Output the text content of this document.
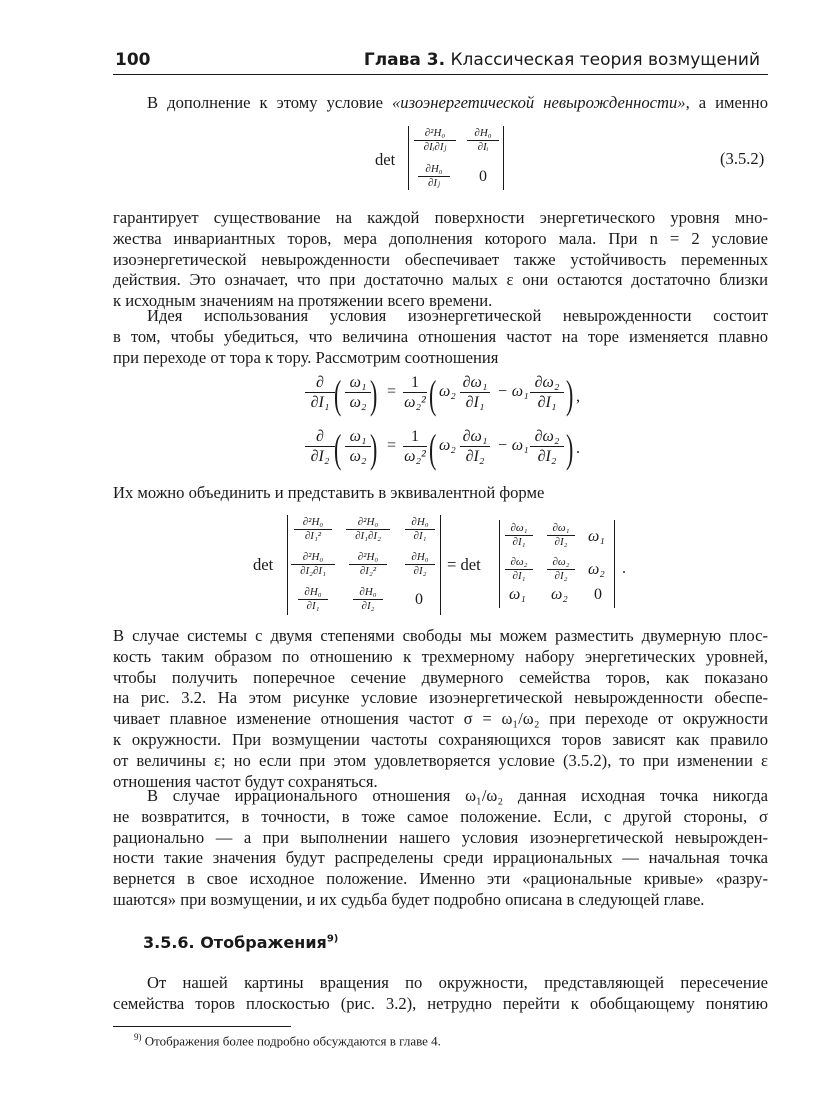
100	Глава 3. Классическая теория возмущений

В дополнение к этому условие «изоэнергетической невырожденности», а именно

det
$\frac{\text{∂²H₀}}{\text{∂Iᵢ∂Iⱼ}} \frac{\text{∂H₀}}{\text{∂Iᵢ}}$
$\frac{\text{∂H₀}}{\text{∂Iⱼ}} 0$
(3.5.2)

гарантирует существование на каждой поверхности энергетического уровня мно-
жества инвариантных торов, мера дополнения которого мала. При n = 2 условие
изоэнергетической невырожденности обеспечивает также устойчивость переменных
действия. Это означает, что при достаточно малых ε они остаются достаточно близки
к исходным значениям на протяжении всего времени.

Идея использования условия изоэнергетической невырожденности состоит
в том, чтобы убедиться, что величина отношения частот на торе изменяется плавно
при переходе от тора к тору. Рассмотрим соотношения

∂
∂I₁ ( $\frac{\text{ω₁}}{\text{ω₂}}$
) = $\frac{1}{\text{ω₂²}}$ ( $\omega_2 \frac{\text{∂ω₁}}{\text{∂I₁}} - \omega_1 \frac{\text{∂ω₂}}{\text{∂I₁}}$ ) ,
∂
∂I₂ ( $\frac{\text{ω₁}}{\text{ω₂}}$
) = $\frac{1}{\text{ω₂²}}$ ( $\omega_2 \frac{\text{∂ω₁}}{\text{∂I₂}} - \omega_1 \frac{\text{∂ω₂}}{\text{∂I₂}}$ ) .

Их можно объединить и представить в эквивалентной форме

det
$\frac{\text{∂²H₀}}{\text{∂I₁²}} \frac{\text{∂²H₀}}{\text{∂I₁∂I₂}} \frac{\text{∂H₀}}{\text{∂I₁}}$
$\frac{\text{∂²H₀}}{\text{∂I₂∂I₁}} \frac{\text{∂²H₀}}{\text{∂I₂²}} \frac{\text{∂H₀}}{\text{∂I₂}}$
$\frac{\text{∂H₀}}{\text{∂I₁}} \frac{\text{∂H₀}}{\text{∂I₂}} 0$
= det
$\frac{\text{∂ω₁}}{\text{∂I₁}} \frac{\text{∂ω₁}}{\text{∂I₂}} \omega_1$
$\frac{\text{∂ω₂}}{\text{∂I₁}} \frac{\text{∂ω₂}}{\text{∂I₂}} \omega_2$
ω₁ ω₂ 0
.

В случае системы с двумя степенями свободы мы можем разместить двумерную плос-
кость таким образом по отношению к трехмерному набору энергетических уровней,
чтобы получить поперечное сечение двумерного семейства торов, как показано
на рис. 3.2. На этом рисунке условие изоэнергетической невырожденности обеспе-
чивает плавное изменение отношения частот σ = ω₁/ω₂ при переходе от окружности
к окружности. При возмущении частоты сохраняющихся торов зависят как правило
от величины ε; но если при этом удовлетворяется условие (3.5.2), то при изменении ε
отношения частот будут сохраняться.

В случае иррационального отношения ω₁/ω₂ данная исходная точка никогда
не возвратится, в точности, в тоже самое положение. Если, с другой стороны, σ
рационально — а при выполнении нашего условия изоэнергетической невырожден-
ности такие значения будут распределены среди иррациональных — начальная точка
вернется в свое исходное положение. Именно эти «рациональные кривые» «разру-
шаются» при возмущении, и их судьба будет подробно описана в следующей главе.

3.5.6. Отображения$^{9)}$

От нашей картины вращения по окружности, представляющей пересечение
семейства торов плоскостью (рис. 3.2), нетрудно перейти к обобщающему понятию

$^{9)}$ Отображения более подробно обсуждаются в главе 4.
